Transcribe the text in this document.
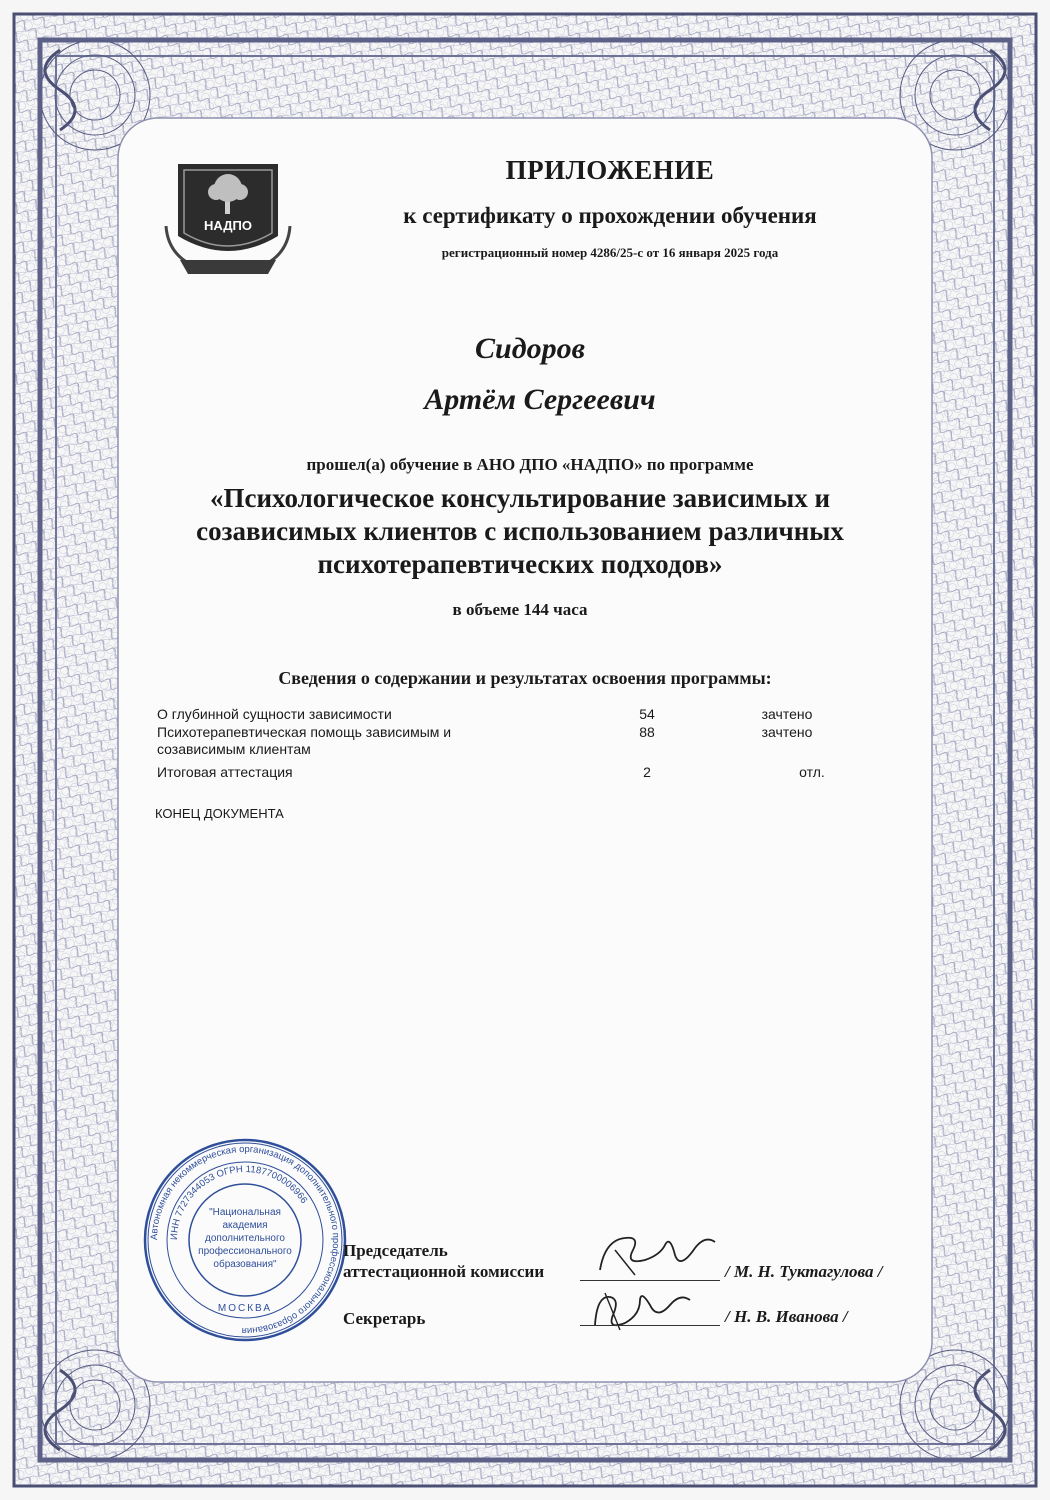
НАДПО
ПРИЛОЖЕНИЕ
к сертификату о прохождении обучения
регистрационный номер 4286/25-с от 16 января 2025 года
Сидоров
Артём Сергеевич
прошел(а) обучение в АНО ДПО «НАДПО» по программе
«Психологическое консультирование зависимых и
созависимых клиентов с использованием различных
психотерапевтических подходов»
в объеме 144 часа
Сведения о содержании и результатах освоения программы:
О глубинной сущности зависимости	54	зачтено
Психотерапевтическая помощь зависимым и
созависимым клиентам
88	зачтено
Итоговая аттестация	2	отл.
КОНЕЦ ДОКУМЕНТА
Автономная некоммерческая организация дополнительного профессионального образования
ИНН 7727344053 ОГРН 1187700006966
"Национальная
академия
дополнительного
профессионального
образования"
МОСКВА
Председатель
аттестационной комиссии	/ М. Н. Туктагулова /
Секретарь	/ Н. В. Иванова /
